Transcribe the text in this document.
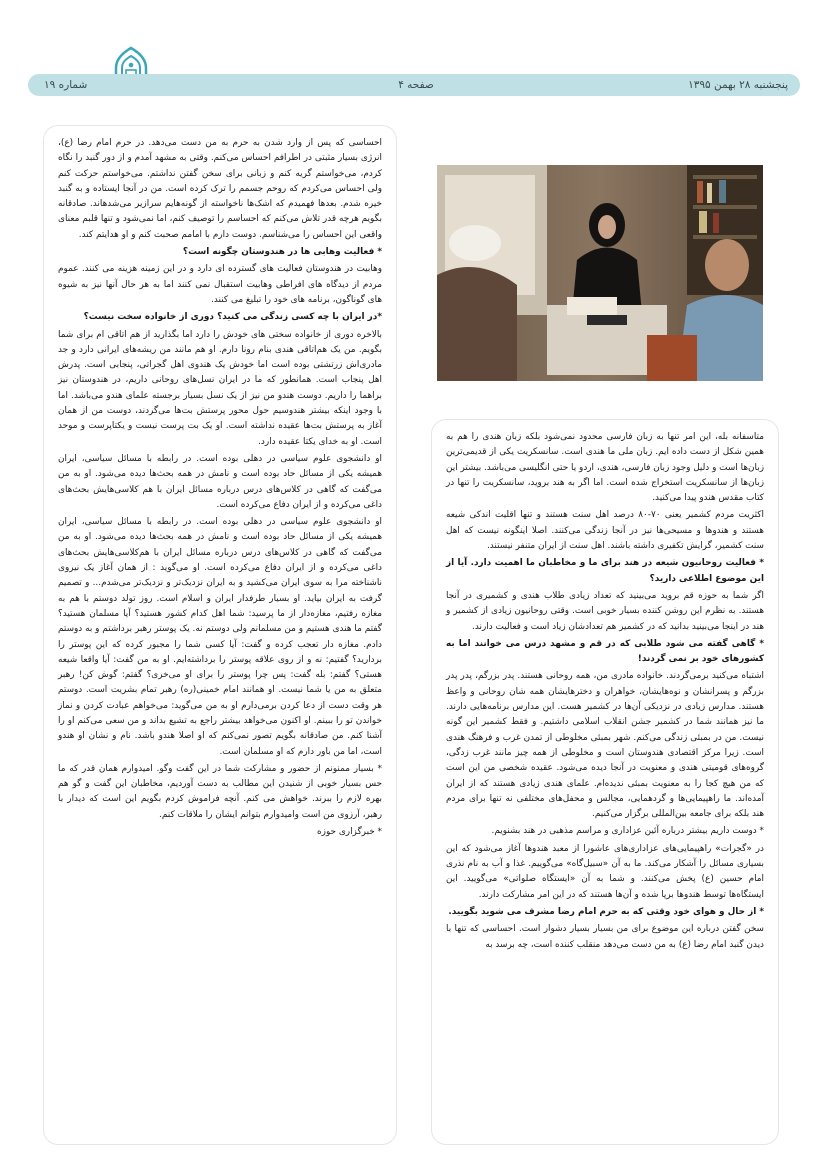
پنجشنبه ۲۸ بهمن ۱۳۹۵
صفحه ۴
شماره ۱۹

احساسی که پس از وارد شدن به حرم به من دست می‌دهد. در حرم امام رضا (ع)، انرژی بسیار مثبتی در اطرافم احساس می‌کنم. وقتی به مشهد آمدم و از دور گنبد را نگاه کردم، می‌خواستم گریه کنم و زبانی برای سخن گفتن نداشتم. می‌خواستم حرکت کنم ولی احساس می‌کردم که روحم جسمم را ترک کرده است. من در آنجا ایستاده و به گنبد خیره شدم. بعدها فهمیدم که اشک‌ها ناخواسته از گونه‌هایم سرازیر می‌شدهاند. صادقانه بگویم هرچه قدر تلاش می‌کنم که احساسم را توصیف کنم، اما نمی‌شود و تنها قلبم معنای واقعی این احساس را می‌شناسم. دوست دارم با امامم صحبت کنم و او هدایتم کند.

* فعالیت وهابی ها در هندوستان چگونه است؟

وهابیت در هندوستان فعالیت های گسترده ای دارد و در این زمینه هزینه می کنند. عموم مردم از دیدگاه های افراطی وهابیت استقبال نمی کنند اما به هر حال آنها نیز به شیوه های گوناگون، برنامه های خود را تبلیغ می کنند.

*در ایران با چه کسی زندگی می کنید؟ دوری از خانواده سخت نیست؟

بالاخره دوری از خانواده سختی های خودش را دارد اما بگذارید از هم اتاقی ام برای شما بگویم. من یک هم‌اتاقی هندی بنام رونا دارم. او هم مانند من ریشه‌های ایرانی دارد و جد مادری‌اش زرتشتی بوده است اما خودش یک هندوی اهل گجراتی، پنجابی است. پدرش اهل پنجاب است. همانطور که ما در ایران نسل‌های روحانی داریم، در هندوستان نیز براهما را داریم. دوست هندو من نیز از یک نسل بسیار برجسته علمای هندو می‌باشد. اما با وجود اینکه بیشتر هندوسیم حول محور پرستش بت‌ها می‌گردند، دوست من از همان آغاز به پرستش بت‌ها عقیده نداشته است. او یک بت پرست نیست و یکتاپرست و موحد است. او به خدای یکتا عقیده دارد.

او دانشجوی علوم سیاسی در دهلی بوده است. در رابطه با مسائل سیاسی، ایران همیشه یکی از مسائل حاد بوده است و نامش در همه بحث‌ها دیده می‌شود. او به من می‌گفت که گاهی در کلاس‌های درس درباره مسائل ایران با هم کلاسی‌هایش بحث‌های داغی می‌کرده و از ایران دفاع می‌کرده است.

او دانشجوی علوم سیاسی در دهلی بوده است. در رابطه با مسائل سیاسی، ایران همیشه یکی از مسائل حاد بوده است و نامش در همه بحث‌ها دیده می‌شود. او به من می‌گفت که گاهی در کلاس‌های درس درباره مسائل ایران با هم‌کلاسی‌هایش بحث‌های داغی می‌کرده و از ایران دفاع می‌کرده است. او می‌گوید : از همان آغاز یک نیروی ناشناخته مرا به سوی ایران می‌کشید و به ایران نزدیک‌تر و نزدیک‌تر می‌شدم... و تصمیم گرفت به ایران بیاید. او بسیار طرفدار ایران و اسلام است. روز تولد دوستم با هم به مغازه رفتیم، مغازه‌دار از ما پرسید: شما اهل کدام کشور هستید؟ آیا مسلمان هستید؟ گفتم ما هندی هستیم و من مسلمانم ولی دوستم نه. یک پوستر رهبر برداشتم و به دوستم دادم. مغازه دار تعجب کرده و گفت: آیا کسی شما را مجبور کرده که این پوستر را بردارید؟ گفتیم: نه و از روی علاقه پوستر را برداشته‌ایم. او به من گفت: آیا واقعا شیعه هستی؟ گفتم: بله گفت: پس چرا پوستر را برای او می‌خری؟ گفتم: گوش کن! رهبر متعلق به من یا شما نیست. او همانند امام خمینی(ره) رهبر تمام بشریت است. دوستم هر وقت دست از دعا کردن برمی‌دارم او به من می‌گوید: می‌خواهم عبادت کردن و نماز خواندن تو را ببینم. او اکنون می‌خواهد بیشتر راجع به تشیع بداند و من سعی می‌کنم او را آشنا کنم. من صادقانه بگویم تصور نمی‌کنم که او اصلا هندو باشد. نام و نشان او هندو است، اما من باور دارم که او مسلمان است.

* بسیار ممنونم از حضور و مشارکت شما در این گفت وگو. امیدوارم همان قدر که ما حس بسیار خوبی از شنیدن این مطالب به دست آوردیم، مخاطبان این گفت و گو هم بهره لازم را ببرند. خواهش می کنم. آنچه فراموش کردم بگویم این است که دیدار با رهبر، آرزوی من است وامیدوارم بتوانم ایشان را ملاقات کنم.

* خبرگزاری حوزه

متاسفانه بله، این امر تنها به زبان فارسی محدود نمی‌شود بلکه زبان هندی را هم به همین شکل از دست داده ایم. زبان ملی ما هندی است. سانسکریت یکی از قدیمی‌ترین زبان‌ها است و دلیل وجود زبان فارسی، هندی، اردو یا حتی انگلیسی می‌باشد. بیشتر این زبان‌ها از سانسکریت استخراج شده است. اما اگر به هند بروید، سانسکریت را تنها در کتاب مقدس هندو پیدا می‌کنید.

اکثریت مردم کشمیر یعنی ۷۰-۸۰ درصد اهل سنت هستند و تنها اقلیت اندکی شیعه هستند و هندوها و مسیحی‌ها نیز در آنجا زندگی می‌کنند. اصلا اینگونه نیست که اهل سنت کشمیر، گرایش تکفیری داشته باشند. اهل سنت از ایران متنفر نیستند.

* فعالیت روحانیون شیعه در هند برای ما و مخاطبان ما اهمیت دارد. آیا از این موضوع اطلاعی دارید؟

اگر شما به حوزه قم بروید می‌بینید که تعداد زیادی طلاب هندی و کشمیری در آنجا هستند. به نظرم این روشن کننده بسیار خوبی است. وقتی روحانیون زیادی از کشمیر و هند در اینجا می‌بینید بدانید که در کشمیر هم تعدادشان زیاد است و فعالیت دارند.

* گاهی گفته می شود طلابی که در قم و مشهد درس می خوانند اما به کشورهای خود بر نمی گردند!

اشتباه می‌کنید برمی‌گردند. خانواده مادری من، همه روحانی هستند. پدر بزرگم، پدر پدر بزرگم و پسرانشان و نوه‌هایشان، خواهران و دخترهایشان همه شان روحانی و واعظ هستند. مدارس زیادی در نزدیکی آن‌ها در کشمیر هست. این مدارس برنامه‌هایی دارند. ما نیز همانند شما در کشمیر جشن انقلاب اسلامی داشتیم. و فقط کشمیر این گونه نیست. من در بمبئی زندگی می‌کنم. شهر بمبئی مخلوطی از تمدن غرب و فرهنگ هندی است. زیرا مرکز اقتصادی هندوستان است و مخلوطی از همه چیز مانند غرب زدگی، گروه‌های قومیتی هندی و معنویت در آنجا دیده می‌شود. عقیده شخصی من این است که من هیچ کجا را به معنویت بمبئی ندیده‌ام. علمای هندی زیادی هستند که از ایران آمده‌اند. ما راهپیمایی‌ها و گردهمایی، مجالس و محفل‌های مختلفی نه تنها برای مردم هند بلکه برای جامعه بین‌المللی برگزار می‌کنیم.

* دوست داریم بیشتر درباره آئین عزاداری و مراسم مذهبی در هند بشنویم.

در «گجرات» راهپیمایی‌های عزاداری‌های عاشورا از معبد هندوها آغاز می‌شود که این بسیاری مسائل را آشکار می‌کند. ما به آن «سبیل‌گاه» می‌گوییم. غذا و آب به نام نذری امام حسین (ع) پخش می‌کنند. و شما به آن «ایستگاه صلواتی» می‌گویید. این ایستگاه‌ها توسط هندوها برپا شده و آن‌ها هستند که در این امر مشارکت دارند.

* از حال و هوای خود وقتی که به حرم امام رضا مشرف می شوید بگویید.

سخن گفتن درباره این موضوع برای من بسیار بسیار دشوار است. احساسی که تنها با دیدن گنبد امام رضا (ع) به من دست می‌دهد منقلب کننده است، چه برسد به
